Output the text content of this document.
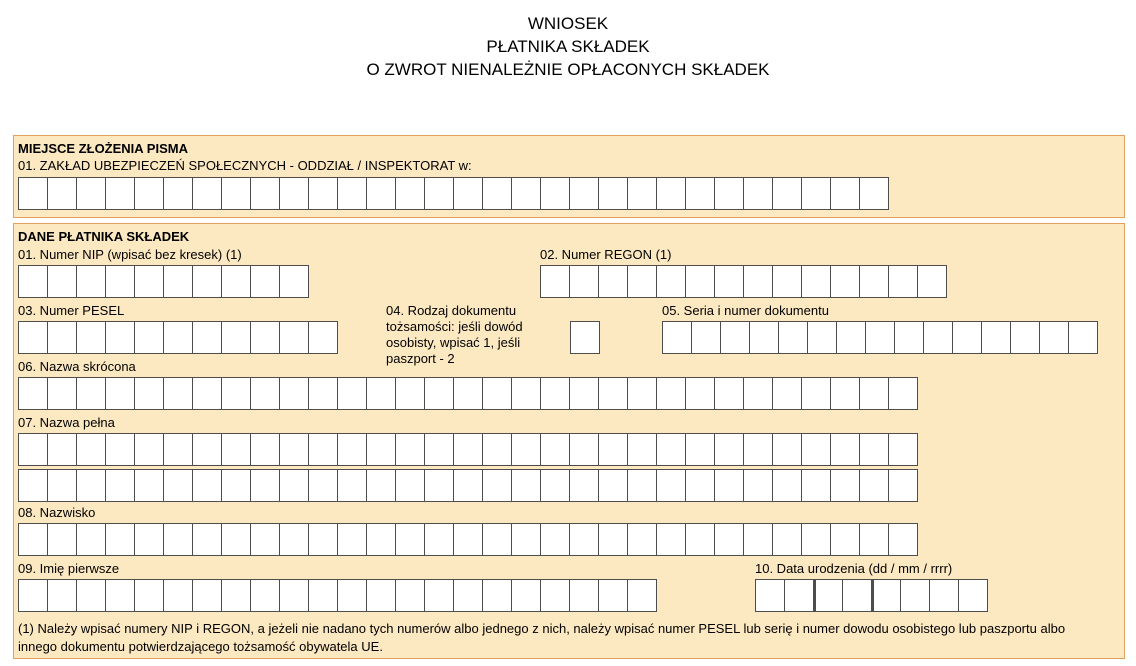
WNIOSEK
PŁATNIKA SKŁADEK
O ZWROT NIENALEŻNIE OPŁACONYCH SKŁADEK
MIEJSCE ZŁOŻENIA PISMA
01. ZAKŁAD UBEZPIECZEŃ SPOŁECZNYCH - ODDZIAŁ / INSPEKTORAT w:
DANE PŁATNIKA SKŁADEK
01. Numer NIP (wpisać bez kresek) (1)	02. Numer REGON (1)
03. Numer PESEL	04. Rodzaj dokumentu tożsamości: jeśli dowód osobisty, wpisać 1, jeśli paszport - 2
05. Seria i numer dokumentu
06. Nazwa skrócona
07. Nazwa pełna
08. Nazwisko
09. Imię pierwsze	10. Data urodzenia (dd / mm / rrrr)
(1) Należy wpisać numery NIP i REGON, a jeżeli nie nadano tych numerów albo jednego z nich, należy wpisać numer PESEL lub serię i numer dowodu osobistego lub paszportu albo innego dokumentu potwierdzającego tożsamość obywatela UE.
